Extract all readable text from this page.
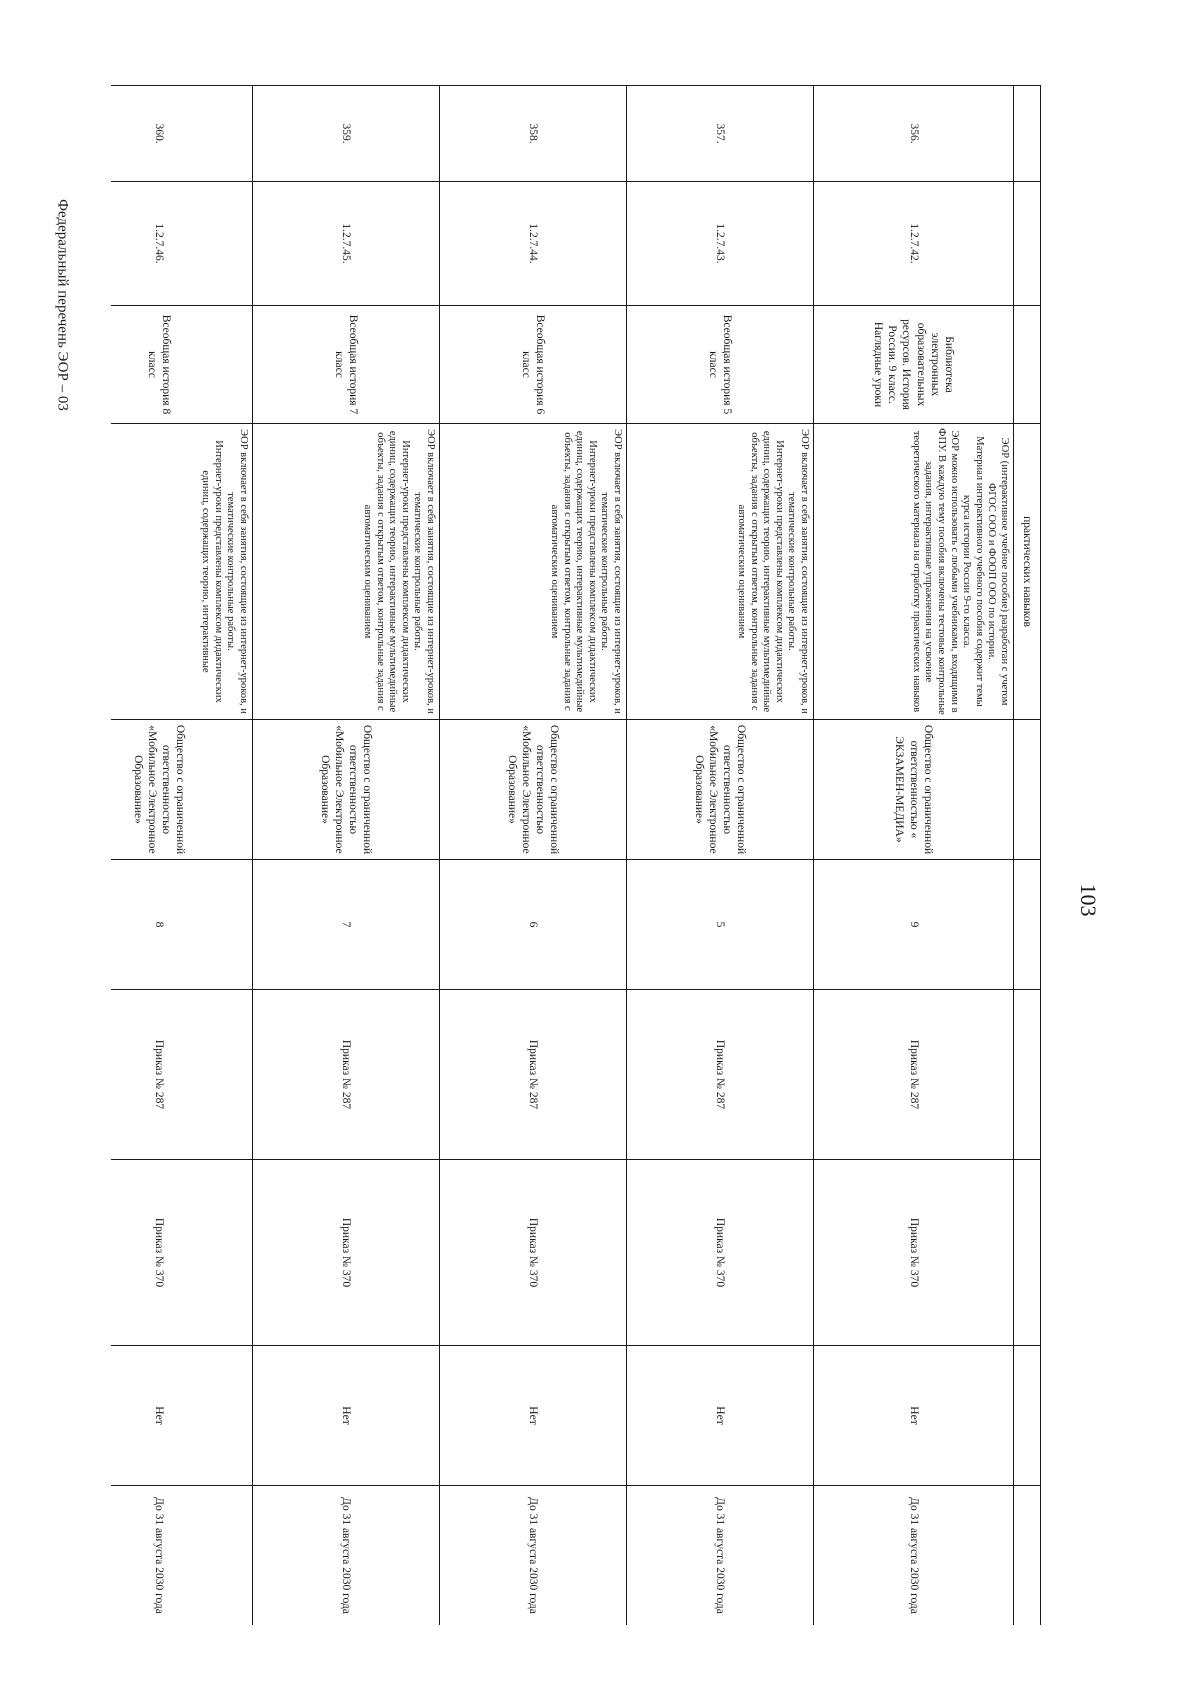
103
Федеральный перечень ЭОР – 03
			практических навыков						
356.	1.2.7.42.	Библиотека электронных образовательных ресурсов. История России. 9 класс. Наглядные уроки	ЭОР (интерактивное учебное пособие) разработан с учетом ФГОС ООО и ФООП ООО по истории.
Материал интерактивного учебного пособия содержит темы курса истории России 9-го класса.
ЭОР можно использовать с любыми учебниками, входящими в ФПУ. В каждую тему пособия включены тестовые контрольные задания, интерактивные упражнения на усвоение теоретического материала на отработку практических навыков	Общество с ограниченной ответственностью « ЭКЗАМЕН-МЕДИА»	9	Приказ № 287	Приказ № 370	Нет	До 31 августа 2030 года
357.	1.2.7.43.	Всеобщая история 5 класс	ЭОР включает в себя занятия, состоящие из интернет-уроков, и тематические контрольные работы.
Интернет-уроки представлены комплексом дидактических единиц, содержащих теорию, интерактивные мультимедийные объекты, задания с открытым ответом, контрольные задания с автоматическим оцениванием	Общество с ограниченной ответственностью «Мобильное Электронное Образование»	5	Приказ № 287	Приказ № 370	Нет	До 31 августа 2030 года
358.	1.2.7.44.	Всеобщая история 6 класс	ЭОР включает в себя занятия, состоящие из интернет-уроков, и тематические контрольные работы.
Интернет-уроки представлены комплексом дидактических единиц, содержащих теорию, интерактивные мультимедийные объекты, задания с открытым ответом, контрольные задания с автоматическим оцениванием	Общество с ограниченной ответственностью «Мобильное Электронное Образование»	6	Приказ № 287	Приказ № 370	Нет	До 31 августа 2030 года
359.	1.2.7.45.	Всеобщая история 7 класс	ЭОР включает в себя занятия, состоящие из интернет-уроков, и тематические контрольные работы.
Интернет-уроки представлены комплексом дидактических единиц, содержащих теорию, интерактивные мультимедийные объекты, задания с открытым ответом, контрольные задания с автоматическим оцениванием	Общество с ограниченной ответственностью «Мобильное Электронное Образование»	7	Приказ № 287	Приказ № 370	Нет	До 31 августа 2030 года
360.	1.2.7.46.	Всеобщая история 8 класс	ЭОР включает в себя занятия, состоящие из интернет-уроков, и тематические контрольные работы.
Интернет-уроки представлены комплексом дидактических единиц, содержащих теорию, интерактивные	Общество с ограниченной ответственностью «Мобильное Электронное Образование»	8	Приказ № 287	Приказ № 370	Нет	До 31 августа 2030 года
